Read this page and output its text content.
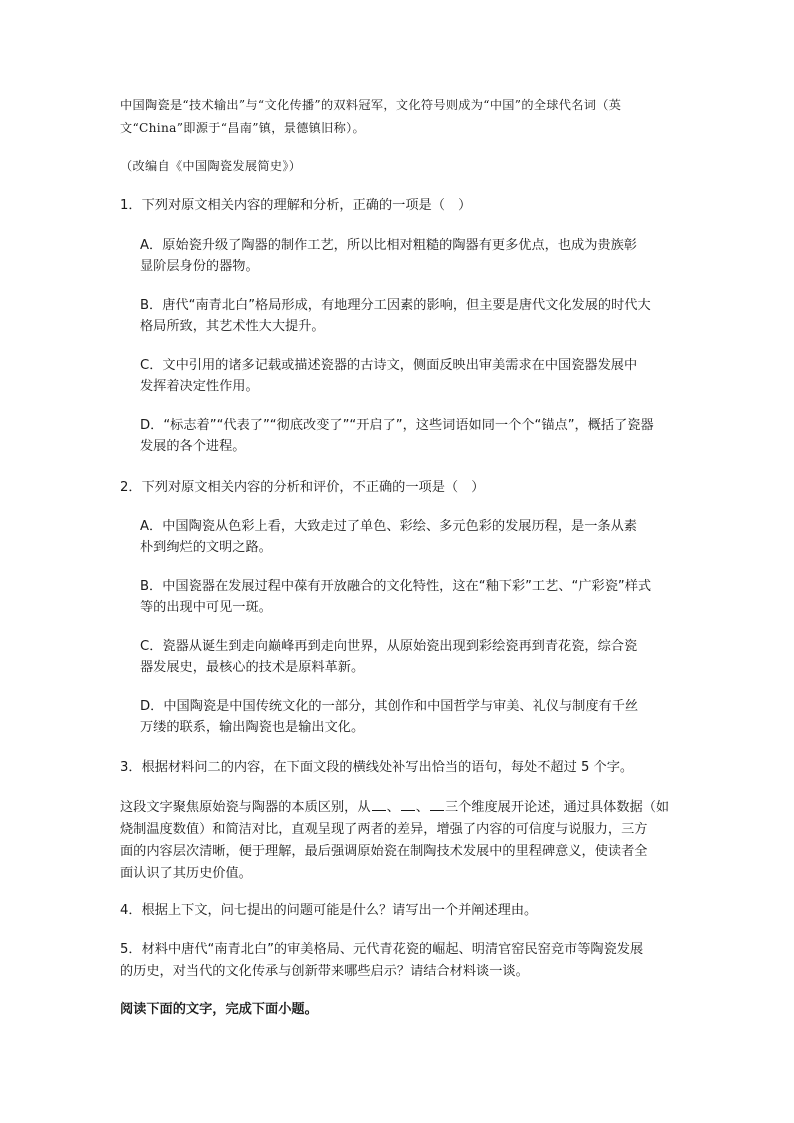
中国陶瓷是“技术输出”与“文化传播”的双料冠军，文化符号则成为“中国”的全球代名词（英
文“China”即源于“昌南”镇，景德镇旧称）。
（改编自《中国陶瓷发展简史》）
1．下列对原文相关内容的理解和分析，正确的一项是（　）
A．原始瓷升级了陶器的制作工艺，所以比相对粗糙的陶器有更多优点，也成为贵族彰
显阶层身份的器物。
B．唐代“南青北白”格局形成，有地理分工因素的影响，但主要是唐代文化发展的时代大
格局所致，其艺术性大大提升。
C．文中引用的诸多记载或描述瓷器的古诗文，侧面反映出审美需求在中国瓷器发展中
发挥着决定性作用。
D．“标志着”“代表了”“彻底改变了”“开启了”，这些词语如同一个个“锚点”，概括了瓷器
发展的各个进程。
2．下列对原文相关内容的分析和评价，不正确的一项是（　）
A．中国陶瓷从色彩上看，大致走过了单色、彩绘、多元色彩的发展历程，是一条从素
朴到绚烂的文明之路。
B．中国瓷器在发展过程中葆有开放融合的文化特性，这在“釉下彩”工艺、“广彩瓷”样式
等的出现中可见一斑。
C．瓷器从诞生到走向巅峰再到走向世界，从原始瓷出现到彩绘瓷再到青花瓷，综合瓷
器发展史，最核心的技术是原料革新。
D．中国陶瓷是中国传统文化的一部分，其创作和中国哲学与审美、礼仪与制度有千丝
万缕的联系，输出陶瓷也是输出文化。
3．根据材料问二的内容，在下面文段的横线处补写出恰当的语句，每处不超过 5 个字。
这段文字聚焦原始瓷与陶器的本质区别，从 、 、 三个维度展开论述，通过具体数据（如
烧制温度数值）和简洁对比，直观呈现了两者的差异，增强了内容的可信度与说服力，三方
面的内容层次清晰，便于理解，最后强调原始瓷在制陶技术发展中的里程碑意义，使读者全
面认识了其历史价值。
4．根据上下文，问七提出的问题可能是什么？请写出一个并阐述理由。
5．材料中唐代“南青北白”的审美格局、元代青花瓷的崛起、明清官窑民窑竞市等陶瓷发展
的历史，对当代的文化传承与创新带来哪些启示？请结合材料谈一谈。
阅读下面的文字，完成下面小题。
